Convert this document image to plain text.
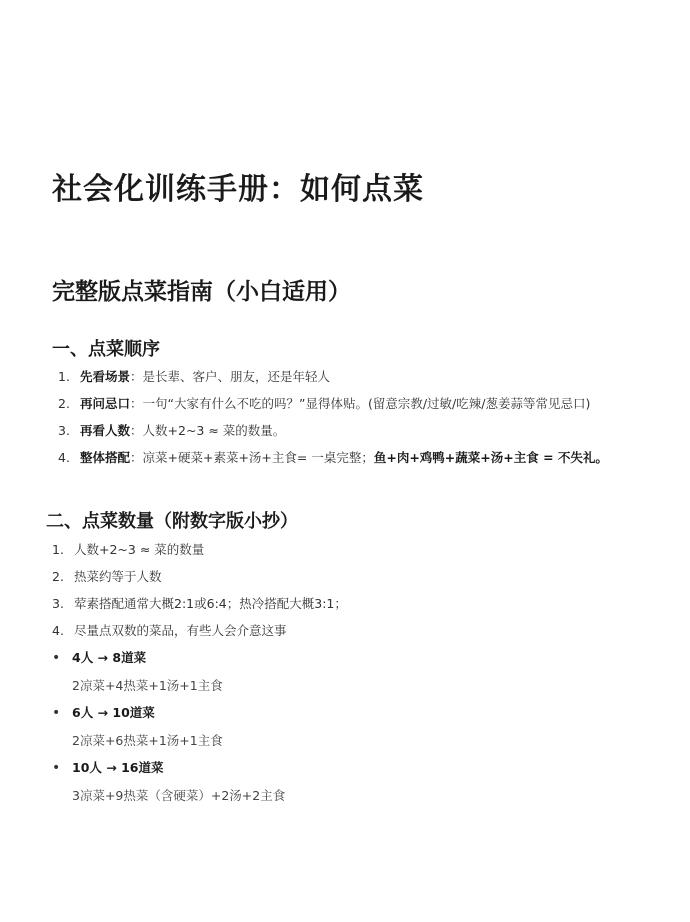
社会化训练手册：如何点菜
完整版点菜指南（小白适用）
一、点菜顺序
1. 先看场景：是长辈、客户、朋友，还是年轻人
2. 再问忌口：一句“大家有什么不吃的吗？”显得体贴。(留意宗教/过敏/吃辣/葱姜蒜等常见忌口)
3. 再看人数：人数+2~3 ≈ 菜的数量。
4. 整体搭配：凉菜+硬菜+素菜+汤+主食= 一桌完整；鱼+肉+鸡鸭+蔬菜+汤+主食 = 不失礼。
二、点菜数量（附数字版小抄）
1. 人数+2~3 ≈ 菜的数量
2. 热菜约等于人数
3. 荤素搭配通常大概2:1或6:4；热冷搭配大概3:1；
4. 尽量点双数的菜品，有些人会介意这事
• 4人 → 8道菜
2凉菜+4热菜+1汤+1主食
• 6人 → 10道菜
2凉菜+6热菜+1汤+1主食
• 10人 → 16道菜
3凉菜+9热菜（含硬菜）+2汤+2主食
